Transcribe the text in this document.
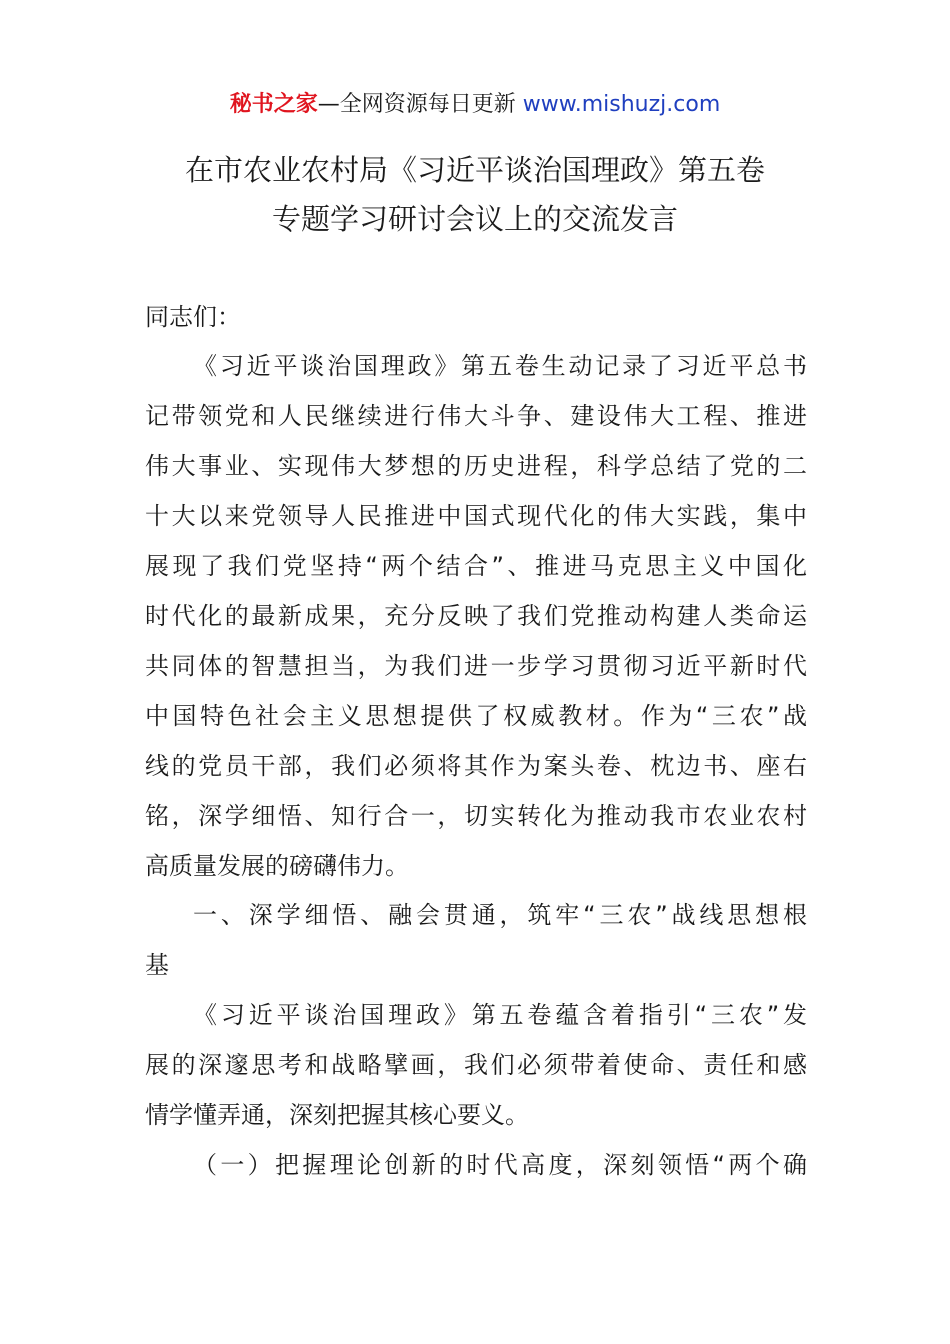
秘书之家—全网资源每日更新 www.mishuzj.com
在市农业农村局《习近平谈治国理政》第五卷
专题学习研讨会议上的交流发言
同志们：
《习近平谈治国理政》第五卷生动记录了习近平总书
记带领党和人民继续进行伟大斗争、建设伟大工程、推进
伟大事业、实现伟大梦想的历史进程，科学总结了党的二
十大以来党领导人民推进中国式现代化的伟大实践，集中
展现了我们党坚持“两个结合”、推进马克思主义中国化
时代化的最新成果，充分反映了我们党推动构建人类命运
共同体的智慧担当，为我们进一步学习贯彻习近平新时代
中国特色社会主义思想提供了权威教材。作为“三农”战
线的党员干部，我们必须将其作为案头卷、枕边书、座右
铭，深学细悟、知行合一，切实转化为推动我市农业农村
高质量发展的磅礴伟力。
一、深学细悟、融会贯通，筑牢“三农”战线思想根
基
《习近平谈治国理政》第五卷蕴含着指引“三农”发
展的深邃思考和战略擘画，我们必须带着使命、责任和感
情学懂弄通，深刻把握其核心要义。
（一）把握理论创新的时代高度，深刻领悟“两个确
